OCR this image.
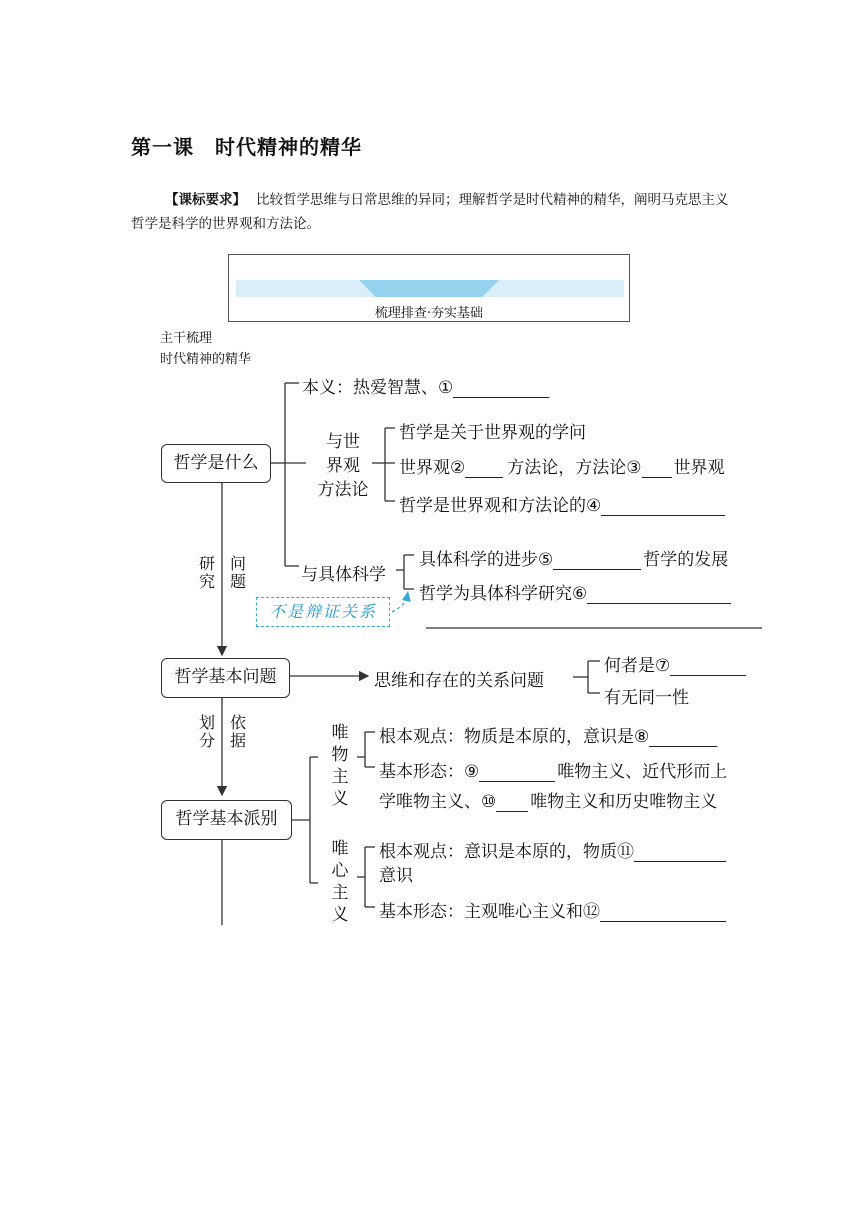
第一课　时代精神的精华
【课标要求】 比较哲学思维与日常思维的异同；理解哲学是时代精神的精华，阐明马克思主义哲学是科学的世界观和方法论。
梳理排查·夯实基础
主干梳理
时代精神的精华
哲学是什么
哲学基本问题
哲学基本派别
本义：热爱智慧、①
与世
界观
方法论
哲学是关于世界观的学问
世界观② 方法论，方法论③ 世界观
哲学是世界观和方法论的④
与具体科学
具体科学的进步⑤	哲学的发展
哲学为具体科学研究⑥
研
究
问
题
不是辩证关系
思维和存在的关系问题
何者是⑦
有无同一性
划
分
依
据	唯
物
主
义
根本观点：物质是本原的，意识是⑧
基本形态：⑨	唯物主义、近代形而上
学唯物主义、⑩ 唯物主义和历史唯物主义
唯
心
主
义
根本观点：意识是本原的，物质⑪
意识
基本形态：主观唯心主义和⑫
